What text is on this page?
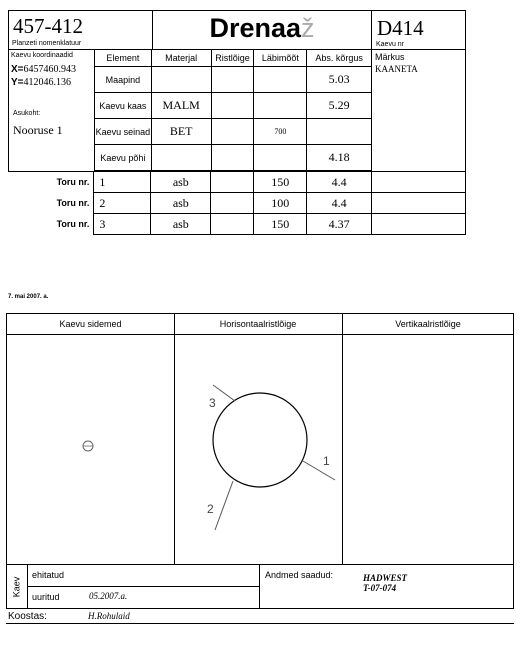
457-412
Planzeti nomenklatuur
Drenaaž	D414
Kaevu nr
Kaevu koordinaadid
X=6457460.943
Y=412046.136
Asukoht:
Nooruse 1
Märkus
KAANETA
Element	Materjal	Ristlõige	Läbimõõt	Abs. kõrgus
Maapind				5.03
Kaevu kaas	MALM			5.29
Kaevu seinad	BET		700	
Kaevu põhi				4.18
Toru nr.	1	asb		150	4.4	
Toru nr.	2	asb		100	4.4	
Toru nr.	3	asb		150	4.37	
7. mai 2007. a.
Kaevu sidemed	Horisontaalristlõige	Vertikaalristlõige
1
2
3
Kaev
ehitatud
uuritud	05.2007.a.
Andmed saadud:	HADWEST
T-07-074
Koostas:	H.Rohulaid
